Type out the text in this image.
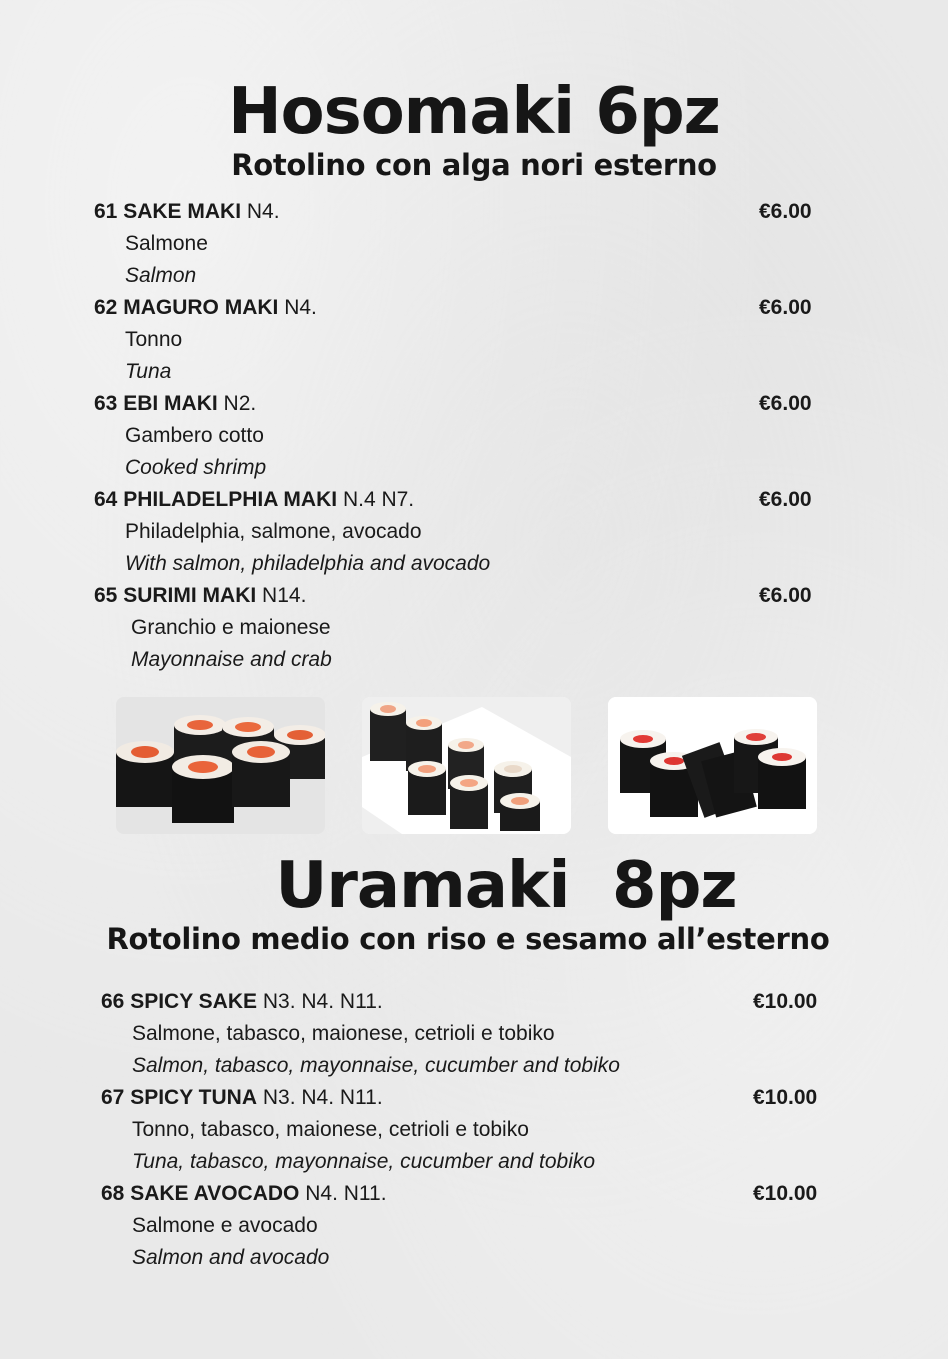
Hosomaki 6pz
Rotolino con alga nori esterno
61 SAKE MAKI N4.	€6.00
Salmone
Salmon
62 MAGURO MAKI N4.	€6.00
Tonno
Tuna
63 EBI MAKI N2.	€6.00
Gambero cotto
Cooked shrimp
64 PHILADELPHIA MAKI N.4 N7.	€6.00
Philadelphia, salmone, avocado
With salmon, philadelphia and avocado
65 SURIMI MAKI N14.	€6.00
Granchio e maionese
Mayonnaise and crab
Uramaki  8pz
Rotolino medio con riso e sesamo all’esterno
66 SPICY SAKE N3. N4. N11.	€10.00
Salmone, tabasco, maionese, cetrioli e tobiko
Salmon, tabasco, mayonnaise, cucumber and tobiko
67 SPICY TUNA N3. N4. N11.	€10.00
Tonno, tabasco, maionese, cetrioli e tobiko
Tuna, tabasco, mayonnaise, cucumber and tobiko
68 SAKE AVOCADO N4. N11.	€10.00
Salmone e avocado
Salmon and avocado
